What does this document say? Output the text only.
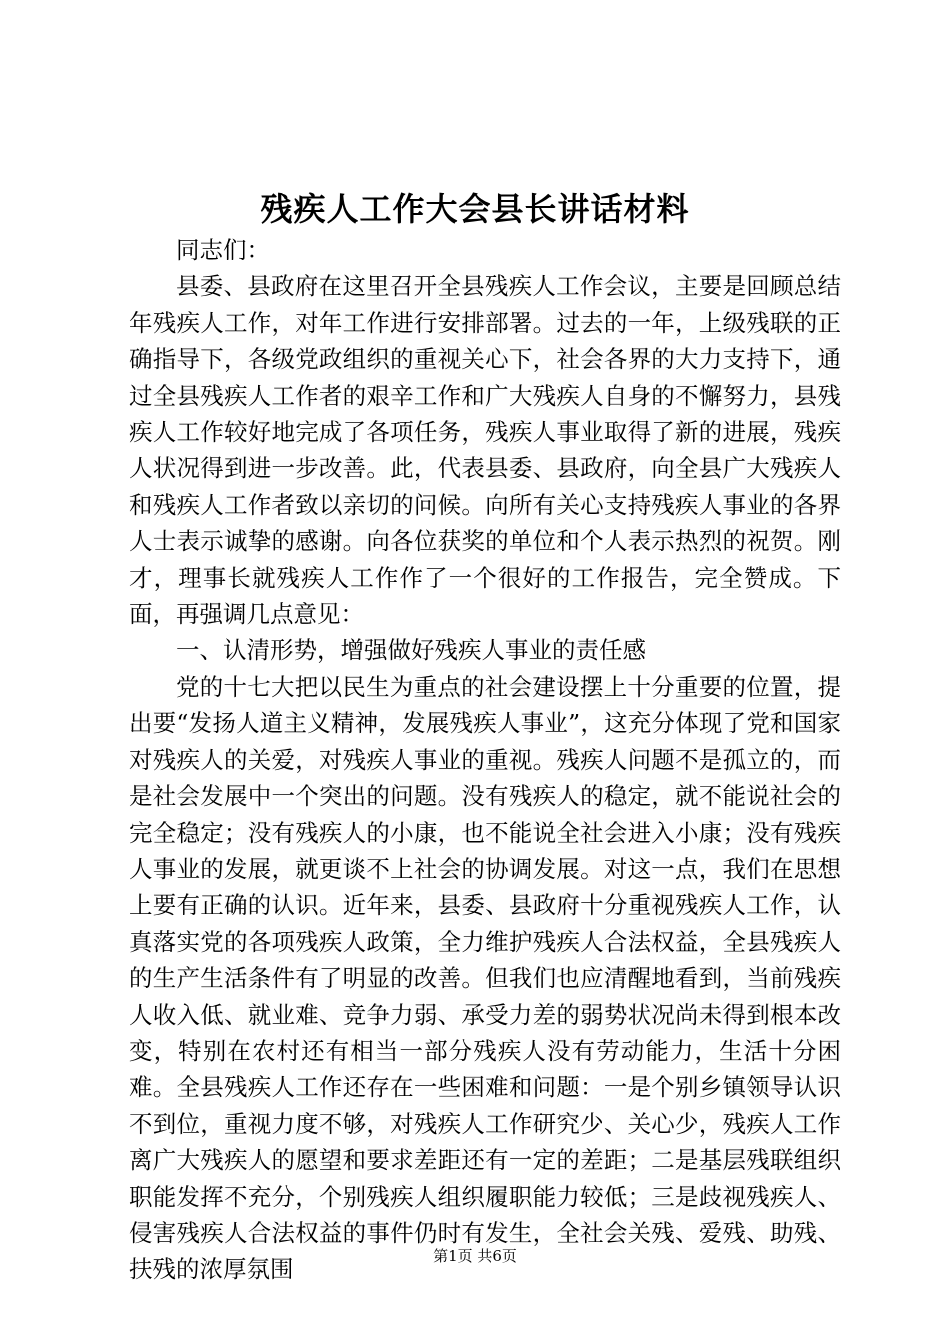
残疾人工作大会县长讲话材料

同志们：

县委、县政府在这里召开全县残疾人工作会议，主要是回顾总结年残疾人工作，对年工作进行安排部署。过去的一年，上级残联的正确指导下，各级党政组织的重视关心下，社会各界的大力支持下，通过全县残疾人工作者的艰辛工作和广大残疾人自身的不懈努力，县残疾人工作较好地完成了各项任务，残疾人事业取得了新的进展，残疾人状况得到进一步改善。此，代表县委、县政府，向全县广大残疾人和残疾人工作者致以亲切的问候。向所有关心支持残疾人事业的各界人士表示诚挚的感谢。向各位获奖的单位和个人表示热烈的祝贺。刚才，理事长就残疾人工作作了一个很好的工作报告，完全赞成。下面，再强调几点意见：

一、认清形势，增强做好残疾人事业的责任感

党的十七大把以民生为重点的社会建设摆上十分重要的位置，提出要“发扬人道主义精神，发展残疾人事业”，这充分体现了党和国家对残疾人的关爱，对残疾人事业的重视。残疾人问题不是孤立的，而是社会发展中一个突出的问题。没有残疾人的稳定，就不能说社会的完全稳定；没有残疾人的小康，也不能说全社会进入小康；没有残疾人事业的发展，就更谈不上社会的协调发展。对这一点，我们在思想上要有正确的认识。近年来，县委、县政府十分重视残疾人工作，认真落实党的各项残疾人政策，全力维护残疾人合法权益，全县残疾人的生产生活条件有了明显的改善。但我们也应清醒地看到，当前残疾人收入低、就业难、竞争力弱、承受力差的弱势状况尚未得到根本改变，特别在农村还有相当一部分残疾人没有劳动能力，生活十分困难。全县残疾人工作还存在一些困难和问题：一是个别乡镇领导认识不到位，重视力度不够，对残疾人工作研究少、关心少，残疾人工作离广大残疾人的愿望和要求差距还有一定的差距；二是基层残联组织职能发挥不充分，个别残疾人组织履职能力较低；三是歧视残疾人、侵害残疾人合法权益的事件仍时有发生，全社会关残、爱残、助残、扶残的浓厚氛围	第1页 共6页
